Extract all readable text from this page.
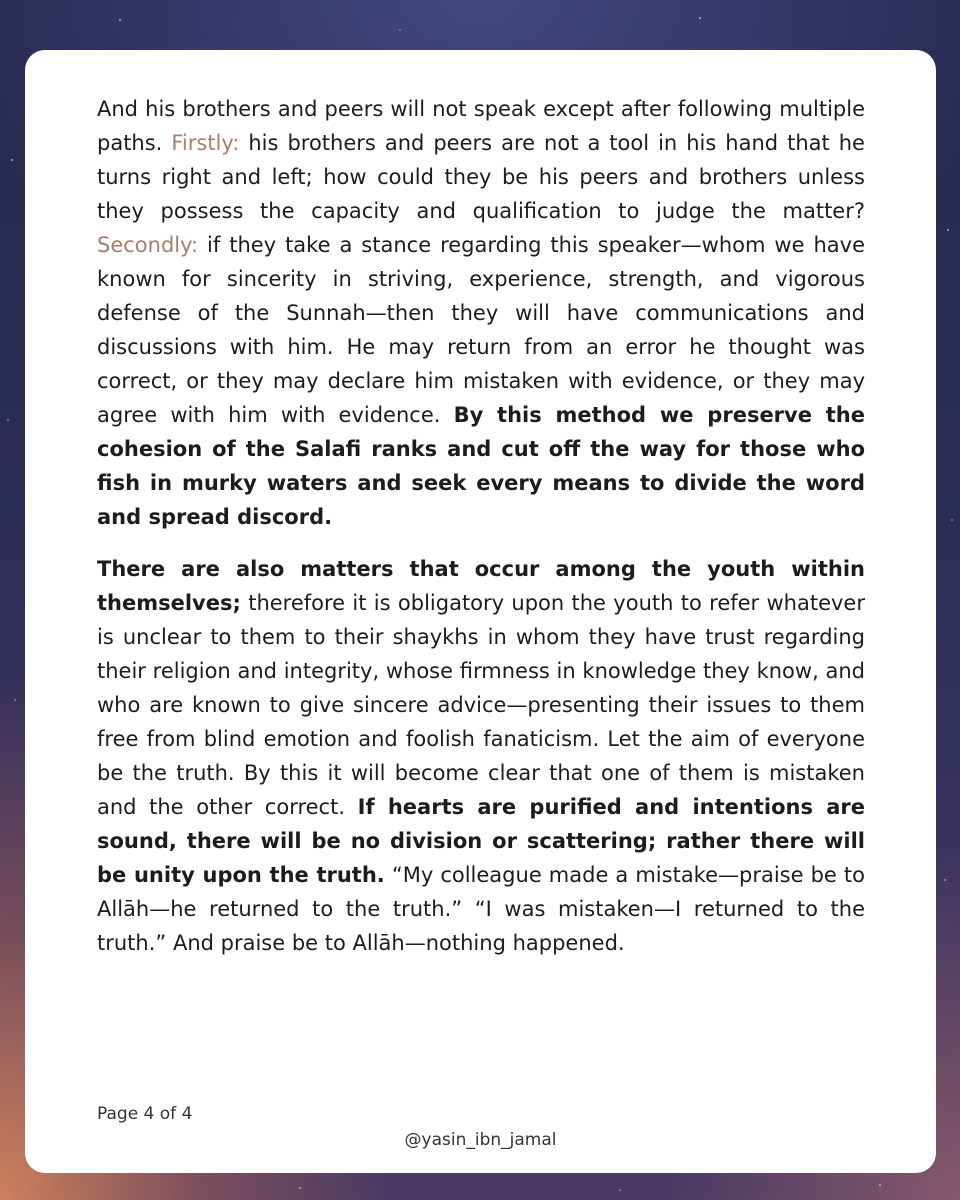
And his brothers and peers will not speak except after following multiple paths. Firstly: his brothers and peers are not a tool in his hand that he turns right and left; how could they be his peers and brothers unless they possess the capacity and qualification to judge the matter? Secondly: if they take a stance regarding this speaker—whom we have known for sincerity in striving, experience, strength, and vigorous defense of the Sunnah—then they will have communications and discussions with him. He may return from an error he thought was correct, or they may declare him mistaken with evidence, or they may agree with him with evidence. By this method we preserve the cohesion of the Salafi ranks and cut off the way for those who fish in murky waters and seek every means to divide the word and spread discord.

There are also matters that occur among the youth within themselves; therefore it is obligatory upon the youth to refer whatever is unclear to them to their shaykhs in whom they have trust regarding their religion and integrity, whose firmness in knowledge they know, and who are known to give sincere advice—presenting their issues to them free from blind emotion and foolish fanaticism. Let the aim of everyone be the truth. By this it will become clear that one of them is mistaken and the other correct. If hearts are purified and intentions are sound, there will be no division or scattering; rather there will be unity upon the truth. “My colleague made a mistake—praise be to Allāh—he returned to the truth.” “I was mistaken—I returned to the truth.” And praise be to Allāh—nothing happened.

Page 4 of 4
@yasin_ibn_jamal
